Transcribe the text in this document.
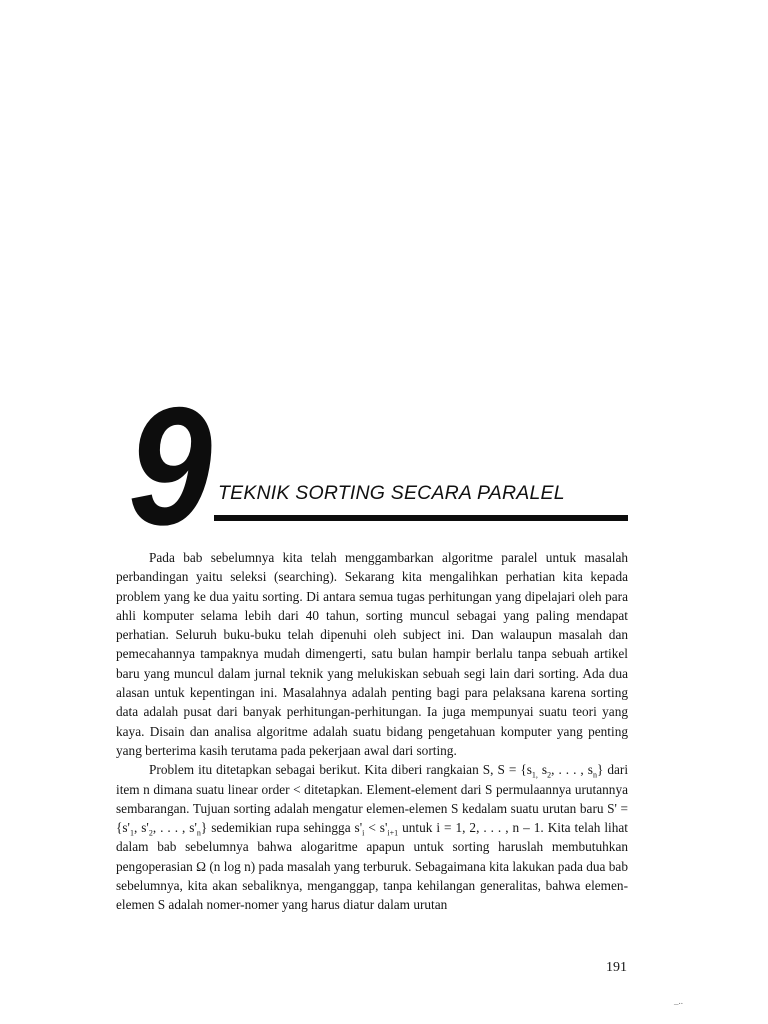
9 TEKNIK SORTING SECARA PARALEL

Pada bab sebelumnya kita telah menggambarkan algoritme paralel untuk masalah perbandingan yaitu seleksi (searching). Sekarang kita mengalihkan perhatian kita kepada problem yang ke dua yaitu sorting. Di antara semua tugas perhitungan yang dipelajari oleh para ahli komputer selama lebih dari 40 tahun, sorting muncul sebagai yang paling mendapat perhatian. Seluruh buku-buku telah dipenuhi oleh subject ini. Dan walaupun masalah dan pemecahannya tampaknya mudah dimengerti, satu bulan hampir berlalu tanpa sebuah artikel baru yang muncul dalam jurnal teknik yang melukiskan sebuah segi lain dari sorting. Ada dua alasan untuk kepentingan ini. Masalahnya adalah penting bagi para pelaksana karena sorting data adalah pusat dari banyak perhitungan-perhitungan. Ia juga mempunyai suatu teori yang kaya. Disain dan analisa algoritme adalah suatu bidang pengetahuan komputer yang penting yang berterima kasih terutama pada pekerjaan awal dari sorting.

Problem itu ditetapkan sebagai berikut. Kita diberi rangkaian S, $S = \{s_{1,}$ $s_2$, . . . , $s_n$} dari item n dimana suatu linear order < ditetapkan. Element-element dari S permulaannya urutannya sembarangan. Tujuan sorting adalah mengatur elemen-elemen S kedalam suatu urutan baru $S' = \{s'_1$, $s'_2$, . . . , $s'_n$} sedemikian rupa sehingga $s'_i < s'_{i+1}$ untuk i = 1, 2, . . . , n – 1. Kita telah lihat dalam bab sebelumnya bahwa alogaritme apapun untuk sorting haruslah membutuhkan pengoperasian Ω (n log n) pada masalah yang terburuk. Sebagaimana kita lakukan pada dua bab sebelumnya, kita akan sebaliknya, menganggap, tanpa kehilangan generalitas, bahwa elemen-elemen S adalah nomer-nomer yang harus diatur dalam urutan

191
_..
